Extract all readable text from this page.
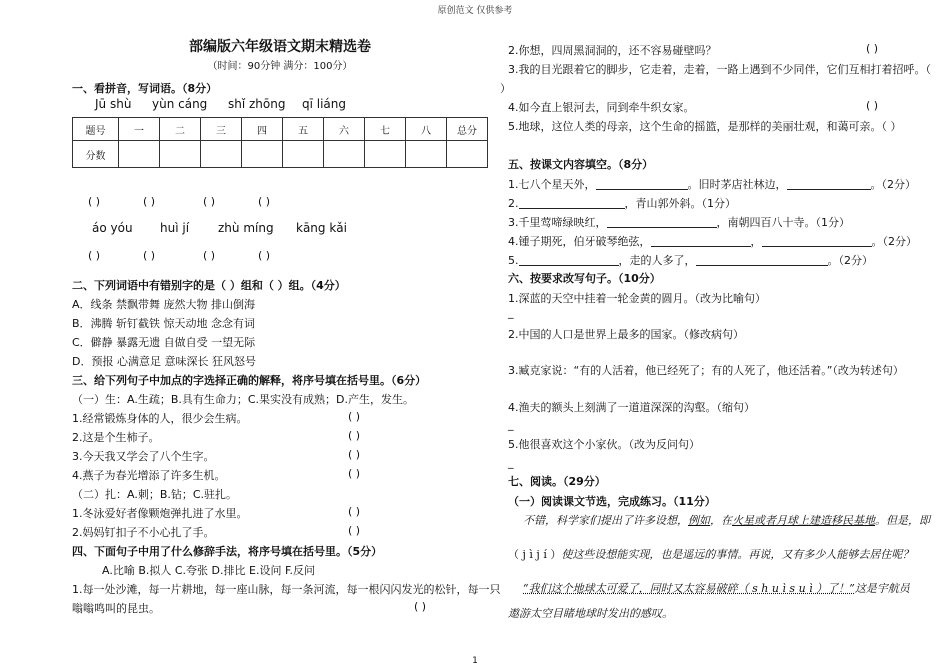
原创范文 仅供参考
部编版六年级语文期末精选卷
（时间：90分钟 满分：100分）
一、看拼音，写词语。（8分）
Jū shù yùn cáng shǐ zhōng qī liáng
题号	一	二	三	四	五	六	七	八	总分
分数									
( )	( )	( )	( )
áo yóu huì jí zhù míng kāng kǎi
( )	( )	( )	( )
二、下列词语中有错别字的是（ ）组和（ ）组。（4分）
A．线条 禁飘带舞 庞然大物 排山倒海
B．沸腾 斩钉截铁 惊天动地 念念有词
C．僻静 暴露无遗 自做自受 一望无际
D．预报 心满意足 意味深长 狂风怒号
三、给下列句子中加点的字选择正确的解释，将序号填在括号里。（6分）
（一）生：A.生疏；B.具有生命力；C.果实没有成熟；D.产生，发生。
1.经常锻炼身体的人，很少会生病。	( )
2.这是个生柿子。	( )
3.今天我又学会了八个生字。	( )
4.燕子为春光增添了许多生机。	( )
（二）扎：A.刺；B.钻；C.驻扎。
1.冬泳爱好者像颗炮弹扎进了水里。	( )
2.妈妈钉扣子不小心扎了手。	( )
四、下面句子中用了什么修辞手法，将序号填在括号里。（5分）
A.比喻 B.拟人 C.夸张 D.排比 E.设问 F.反问
1.每一处沙滩，每一片耕地，每一座山脉，每一条河流，每一根闪闪发光的松针，每一只
嗡嗡鸣叫的昆虫。	( )
2.你想，四周黑洞洞的，还不容易碰壁吗？	( )
3.我的目光跟着它的脚步，它走着，走着，一路上遇到不少同伴，它们互相打着招呼。（
）
4.如今直上银河去，同到牵牛织女家。	( )
5.地球，这位人类的母亲，这个生命的摇篮，是那样的美丽壮观，和蔼可亲。（ ）
五、按课文内容填空。（8分）
1.七八个星天外，	。旧时茅店社林边，	。（2分）
2.	，青山郭外斜。（1分）
3.千里莺啼绿映红，	，南朝四百八十寺。（1分）
4.锺子期死，伯牙破琴绝弦，	，	。（2分）
5.	，走的人多了，	。（2分）
六、按要求改写句子。（10分）
1.深蓝的天空中挂着一轮金黄的圆月。（改为比喻句）
_
2.中国的人口是世界上最多的国家。（修改病句）
3.臧克家说：“有的人活着，他已经死了；有的人死了，他还活着。”（改为转述句）
4.渔夫的额头上刻满了一道道深深的沟壑。（缩句）
_
5.他很喜欢这个小家伙。（改为反问句）
_
七、阅读。（29分）
（一）阅读课文节选，完成练习。（11分）
不错，科学家们提出了许多设想，例如，在火星或者月球上建造移民基地。但是，即
（ j ì j í ）使这些设想能实现，也是遥远的事情。再说，又有多少人能够去居住呢？
“我们这个地球太可爱了，同时又太容易破碎（ s h u ì s u ì ）了！”这是宇航员
遨游太空目睹地球时发出的感叹。
1
